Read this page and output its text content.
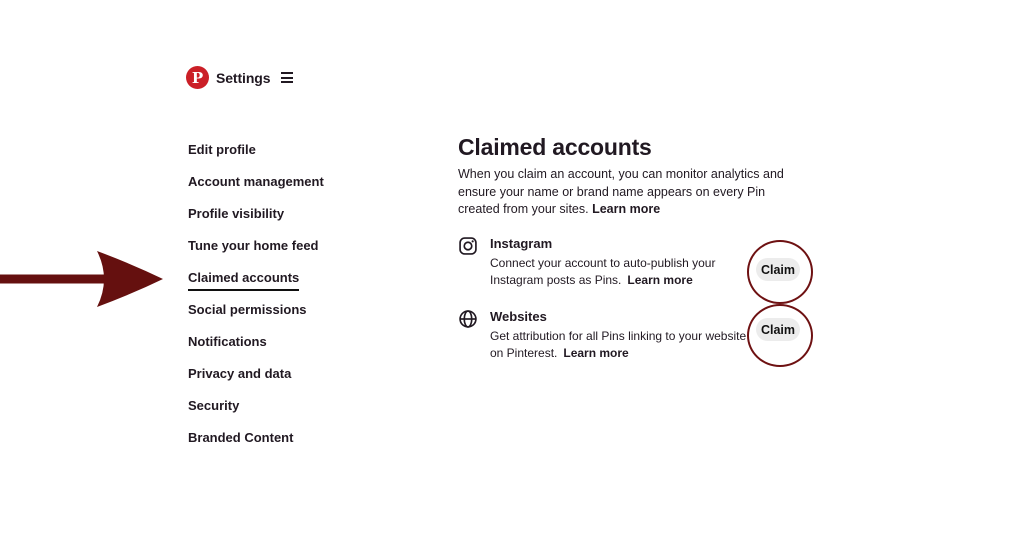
P Settings
Edit profile
Account management
Profile visibility
Tune your home feed
Claimed accounts
Social permissions
Notifications
Privacy and data
Security
Branded Content
Claimed accounts

When you claim an account, you can monitor analytics and ensure your name or brand name appears on every Pin created from your sites. Learn more

Instagram
Connect your account to auto-publish your Instagram posts as Pins. Learn more
Claim
Websites
Get attribution for all Pins linking to your website on Pinterest. Learn more
Claim
